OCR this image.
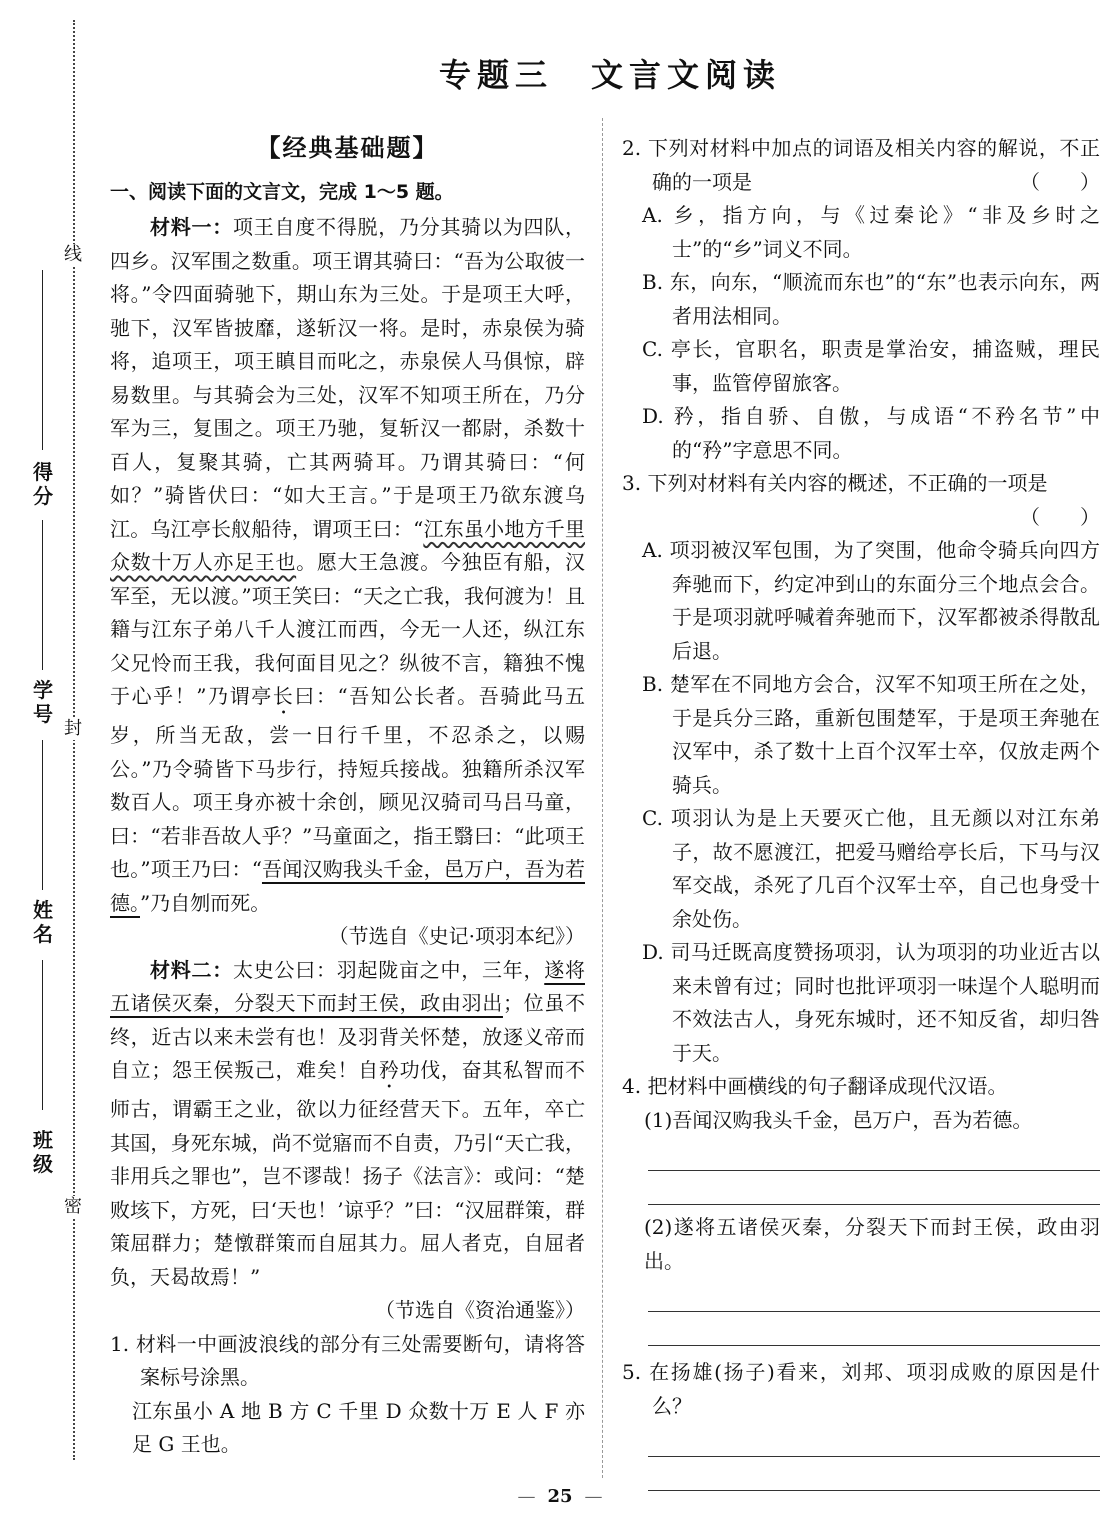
线
封
密
得分
学号
姓名
班级
专题三　文言文阅读
【经典基础题】
一、阅读下面的文言文，完成 1～5 题。

材料一：项王自度不得脱，乃分其骑以为四队，四乡。汉军围之数重。项王谓其骑曰：“吾为公取彼一将。”令四面骑驰下，期山东为三处。于是项王大呼，驰下，汉军皆披靡，遂斩汉一将。是时，赤泉侯为骑将，追项王，项王瞋目而叱之，赤泉侯人马俱惊，辟易数里。与其骑会为三处，汉军不知项王所在，乃分军为三，复围之。项王乃驰，复斩汉一都尉，杀数十百人，复聚其骑，亡其两骑耳。乃谓其骑曰：“何如？”骑皆伏曰：“如大王言。”于是项王乃欲东渡乌江。乌江亭长舣船待，谓项王曰：“江东虽小地方千里众数十万人亦足王也。愿大王急渡。今独臣有船，汉军至，无以渡。”项王笑曰：“天之亡我，我何渡为！且籍与江东子弟八千人渡江而西，今无一人还，纵江东父兄怜而王我，我何面目见之？纵彼不言，籍独不愧于心乎！”乃谓亭长曰：“吾知公长者。吾骑此马五岁，所当无敌，尝一日行千里，不忍杀之，以赐公。”乃令骑皆下马步行，持短兵接战。独籍所杀汉军数百人。项王身亦被十余创，顾见汉骑司马吕马童，曰：“若非吾故人乎？”马童面之，指王翳曰：“此项王也。”项王乃曰：“吾闻汉购我头千金，邑万户，吾为若德。”乃自刎而死。

（节选自《史记·项羽本纪》）

材料二：太史公曰：羽起陇亩之中，三年，遂将五诸侯灭秦，分裂天下而封王侯，政由羽出；位虽不终，近古以来未尝有也！及羽背关怀楚，放逐义帝而自立；怨王侯叛己，难矣！自矜功伐，奋其私智而不师古，谓霸王之业，欲以力征经营天下。五年，卒亡其国，身死东城，尚不觉寤而不自责，乃引“天亡我，非用兵之罪也”，岂不谬哉！扬子《法言》：或问：“楚败垓下，方死，曰‘天也！’谅乎？”曰：“汉屈群策，群策屈群力；楚憞群策而自屈其力。屈人者克，自屈者负，天曷故焉！”

（节选自《资治通鉴》）

1. 材料一中画波浪线的部分有三处需要断句，请将答案标号涂黑。

江东虽小 A 地 B 方 C 千里 D 众数十万 E 人 F 亦足 G 王也。

2. 下列对材料中加点的词语及相关内容的解说，不正确的一项是	（　　）

A. 乡，指方向，与《过秦论》“非及乡时之士”的“乡”词义不同。

B. 东，向东，“顺流而东也”的“东”也表示向东，两者用法相同。

C. 亭长，官职名，职责是掌治安，捕盗贼，理民事，监管停留旅客。

D. 矜，指自骄、自傲，与成语“不矜名节”中的“矜”字意思不同。

3. 下列对材料有关内容的概述，不正确的一项是

（　　）

A. 项羽被汉军包围，为了突围，他命令骑兵向四方奔驰而下，约定冲到山的东面分三个地点会合。于是项羽就呼喊着奔驰而下，汉军都被杀得散乱后退。

B. 楚军在不同地方会合，汉军不知项王所在之处，于是兵分三路，重新包围楚军，于是项王奔驰在汉军中，杀了数十上百个汉军士卒，仅放走两个骑兵。

C. 项羽认为是上天要灭亡他，且无颜以对江东弟子，故不愿渡江，把爱马赠给亭长后，下马与汉军交战，杀死了几百个汉军士卒，自己也身受十余处伤。

D. 司马迁既高度赞扬项羽，认为项羽的功业近古以来未曾有过；同时也批评项羽一味逞个人聪明而不效法古人，身死东城时，还不知反省，却归咎于天。

4. 把材料中画横线的句子翻译成现代汉语。

(1)吾闻汉购我头千金，邑万户，吾为若德。

(2)遂将五诸侯灭秦，分裂天下而封王侯，政由羽出。

5. 在扬雄(扬子)看来，刘邦、项羽成败的原因是什么？

— 25 —
